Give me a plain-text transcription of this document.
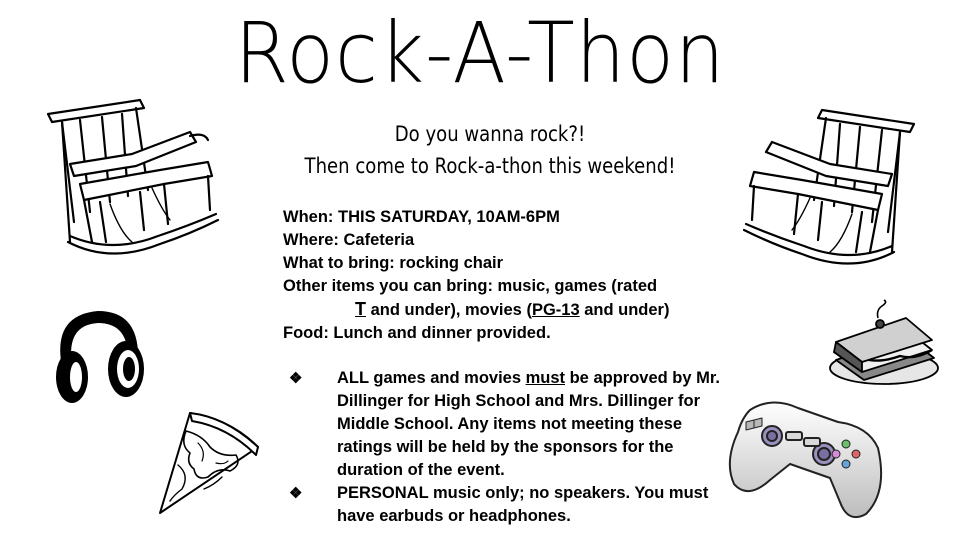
Rock-A-Thon
Do you wanna rock?!
Then come to Rock-a-thon this weekend!
When: THIS SATURDAY, 10AM-6PM
Where: Cafeteria
What to bring: rocking chair
Other items you can bring: music, games (rated
T and under), movies (PG-13 and under)
Food: Lunch and dinner provided.
❖	ALL games and movies must be approved by Mr. Dillinger for High School and Mrs. Dillinger for Middle School. Any items not meeting these ratings will be held by the sponsors for the duration of the event.
❖	PERSONAL music only; no speakers. You must have earbuds or headphones.
